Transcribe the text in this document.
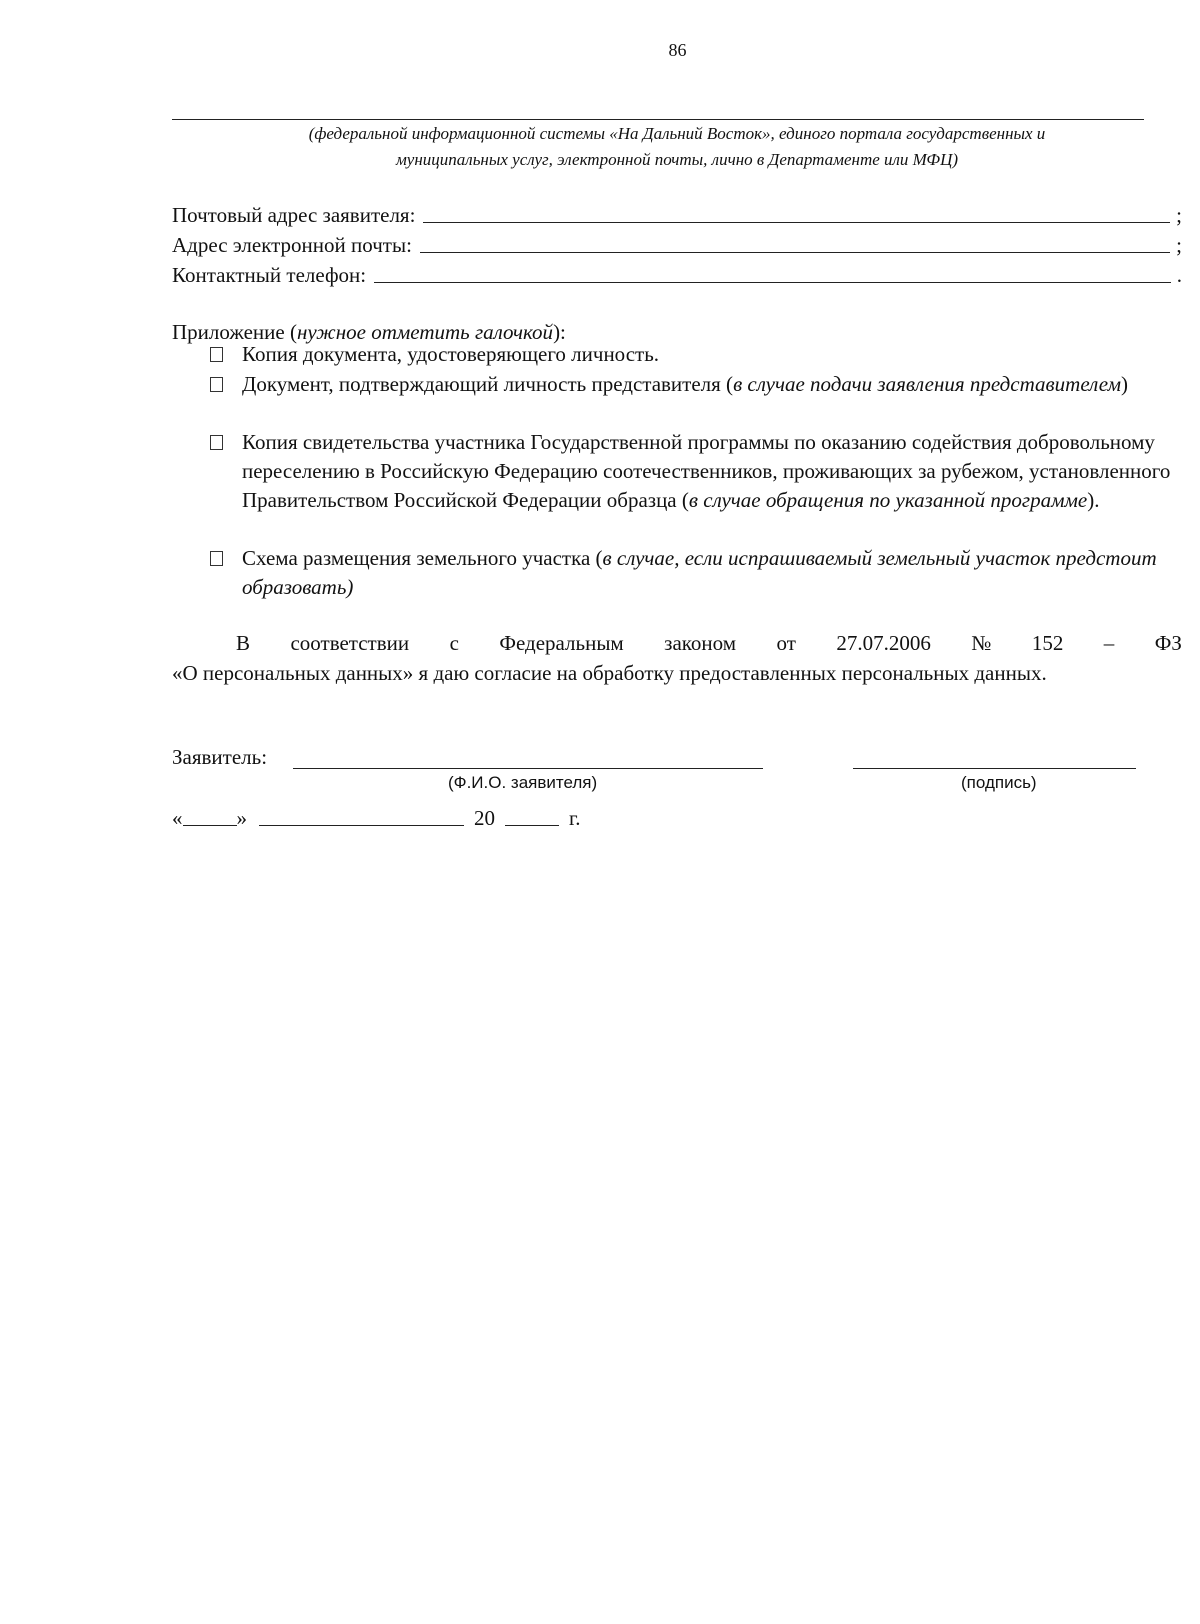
86
(федеральной информационной системы «На Дальний Восток», единого портала государственных и
муниципальных услуг, электронной почты, лично в Департаменте или МФЦ)
Почтовый адрес заявителя:	;
Адрес электронной почты:	;
Контактный телефон:	.
Приложение (нужное отметить галочкой):
Копия документа, удостоверяющего личность.
Документ, подтверждающий личность представителя (в случае подачи заявления представителем)
Копия свидетельства участника Государственной программы по оказанию содействия добровольному переселению в Российскую Федерацию соотечественников, проживающих за рубежом, установленного Правительством Российской Федерации образца (в случае обращения по указанной программе).
Схема размещения земельного участка (в случае, если испрашиваемый земельный участок предстоит образовать)
В соответствии с Федеральным законом от 27.07.2006 № 152 – ФЗ
«О персональных данных» я даю согласие на обработку предоставленных персональных данных.
Заявитель:
(Ф.И.О. заявителя)	(подпись)
«	»	20	г.
